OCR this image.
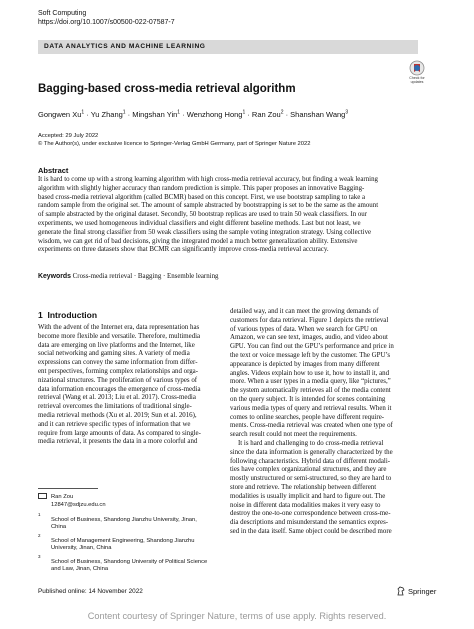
Soft Computing
https://doi.org/10.1007/s00500-022-07587-7
DATA ANALYTICS AND MACHINE LEARNING
Check for
updates
Bagging-based cross-media retrieval algorithm
Gongwen $Xu^1 \cdot Yu$ Zhang$^1$ · Mingshan Yin$^1$ · Wenzhong Hong$^1$ · Ran Zou$^2$ · Shanshan Wang$^3$
Accepted: 29 July 2022
© The Author(s), under exclusive licence to Springer-Verlag GmbH Germany, part of Springer Nature 2022
Abstract
It is hard to come up with a strong learning algorithm with high cross-media retrieval accuracy, but finding a weak learning
algorithm with slightly higher accuracy than random prediction is simple. This paper proposes an innovative Bagging-
based cross-media retrieval algorithm (called BCMR) based on this concept. First, we use bootstrap sampling to take a
random sample from the original set. The amount of sample abstracted by bootstrapping is set to be the same as the amount
of sample abstracted by the original dataset. Secondly, 50 bootstrap replicas are used to train 50 weak classifiers. In our
experiments, we used homogeneous individual classifiers and eight different baseline methods. Last but not least, we
generate the final strong classifier from 50 weak classifiers using the sample voting integration strategy. Using collective
wisdom, we can get rid of bad decisions, giving the integrated model a much better generalization ability. Extensive
experiments on three datasets show that BCMR can significantly improve cross-media retrieval accuracy.
Keywords Cross-media retrieval · Bagging · Ensemble learning
1 Introduction
With the advent of the Internet era, data representation has
become more flexible and versatile. Therefore, multimedia
data are emerging on live platforms and the Internet, like
social networking and gaming sites. A variety of media
expressions can convey the same information from differ-
ent perspectives, forming complex relationships and orga-
nizational structures. The proliferation of various types of
data information encourages the emergence of cross-media
retrieval (Wang et al. 2013; Liu et al. 2017). Cross-media
retrieval overcomes the limitations of traditional single-
media retrieval methods (Xu et al. 2019; Sun et al. 2016),
and it can retrieve specific types of information that we
require from large amounts of data. As compared to single-
media retrieval, it presents the data in a more colorful and
detailed way, and it can meet the growing demands of
customers for data retrieval. Figure 1 depicts the retrieval
of various types of data. When we search for GPU on
Amazon, we can see text, images, audio, and video about
GPU. You can find out the GPU’s performance and price in
the text or voice message left by the customer. The GPU’s
appearance is depicted by images from many different
angles. Videos explain how to use it, how to install it, and
more. When a user types in a media query, like “pictures,”
the system automatically retrieves all of the media content
on the query subject. It is intended for scenes containing
various media types of query and retrieval results. When it
comes to online searches, people have different require-
ments. Cross-media retrieval was created when one type of
search result could not meet the requirements.
It is hard and challenging to do cross-media retrieval
since the data information is generally characterized by the
following characteristics. Hybrid data of different modali-
ties have complex organizational structures, and they are
mostly unstructured or semi-structured, so they are hard to
store and retrieve. The relationship between different
modalities is usually implicit and hard to figure out. The
noise in different data modalities makes it very easy to
destroy the one-to-one correspondence between cross-me-
dia descriptions and misunderstand the semantics expres-
sed in the data itself. Same object could be described more
Ran Zou
12847@sdjzu.edu.cn
$^1$
School of Business, Shandong Jianzhu University, Jinan,
China
$^2$
School of Management Engineering, Shandong Jianzhu
University, Jinan, China
$^3$
School of Business, Shandong University of Political Science
and Law, Jinan, China
Published online: 14 November 2022	Springer
Content courtesy of Springer Nature, terms of use apply. Rights reserved.
